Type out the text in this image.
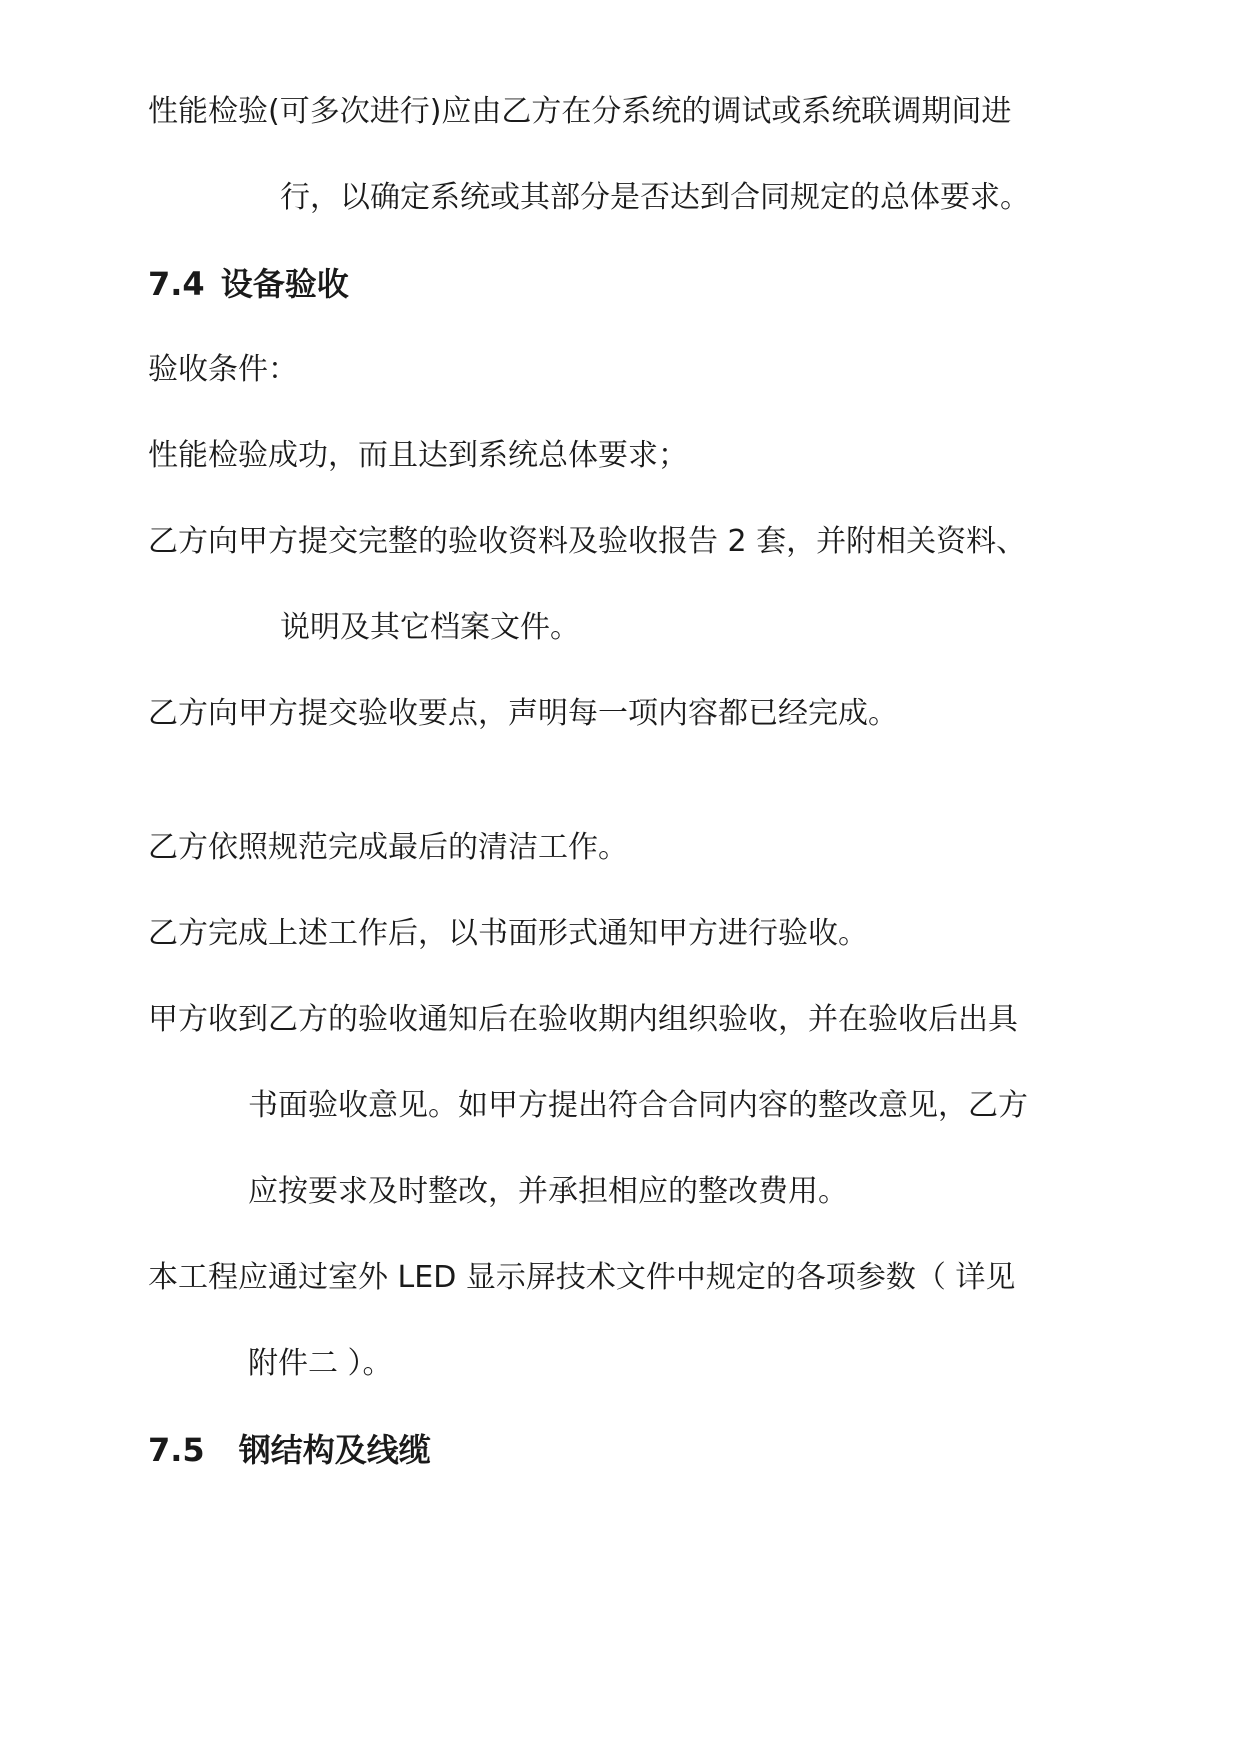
性能检验(可多次进行)应由乙方在分系统的调试或系统联调期间进
行，以确定系统或其部分是否达到合同规定的总体要求。
7.4 设备验收
验收条件：
性能检验成功，而且达到系统总体要求；
乙方向甲方提交完整的验收资料及验收报告 2 套，并附相关资料、
说明及其它档案文件。
乙方向甲方提交验收要点，声明每一项内容都已经完成。
乙方依照规范完成最后的清洁工作。
乙方完成上述工作后，以书面形式通知甲方进行验收。
甲方收到乙方的验收通知后在验收期内组织验收，并在验收后出具
书面验收意见。如甲方提出符合合同内容的整改意见，乙方
应按要求及时整改，并承担相应的整改费用。
本工程应通过室外 LED 显示屏技术文件中规定的各项参数（ 详见
附件二 ）。
7.5 钢结构及线缆
